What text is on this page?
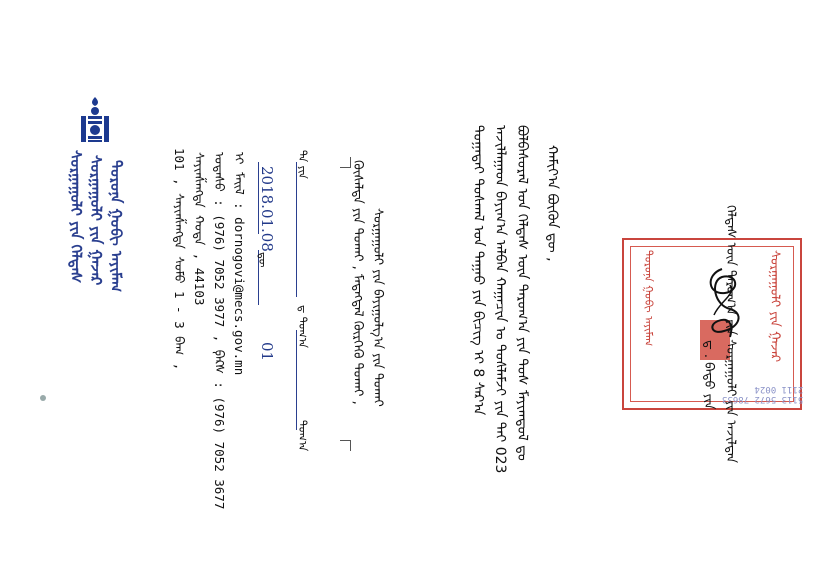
ᠳᠣᠷᠣᠨᠠ ᠭᠣᠪᠢ ᠠᠶᠢᠮᠠᠭ
ᠰᠤᠷᠭᠠᠭᠤᠯᠢ ᠶᠢᠨ ᠭᠠᠵᠠᠷ
ᠰᠤᠷᠭᠠᠭᠤᠯᠢ ᠶᠢᠨ ᠬᠡᠯᠲᠡᠰ	101 , ᠰᠠᠶᠢᠨᠱᠠᠩᠳᠠ ᠰᠤᠮᠤ 1 - 3 ᠪᠠᠭ , ᠰᠠᠶᠢᠨᠱᠠᠩᠳᠠ ᠬᠣᠲᠠ , 44103 ᠤᠲᠠᠰᠤ : (976) 7052 3977 , ᠹᠠᠺᠰ : (976) 7052 3677 ᠢ ᠮᠡᠢᠯ : dornogovi@mecs.gov.mn 2018.01.08
01
ᠳᠦ
ᠳ ᠲᠣᠭ᠎ᠠ
ᠲᠠ ᠶᠢᠨ
ᠲᠣᠭ᠎ᠠ
ᠰᠤᠷᠭᠠᠭᠤᠯᠢ ᠶᠢᠨ ᠪᠠᠶᠢᠭᠤᠯᠭ᠎ᠠ ᠶᠢᠨ ᠲᠤᠬᠠᠢ
ᠬᠦᠰᠡᠯᠲᠡ ᠶᠢᠨ ᠲᠤᠬᠠᠢ , ᠮᠡᠳᠡᠭᠳᠡᠯ ᠬᠦᠷᠭᠡᠬᠦ ᠲᠤᠬᠠᠢ ,	ᠬᠠᠮᠢᠶ᠎ᠠ ᠪᠦᠬᠦᠨ ᠳᠦ ,
ᠪᠣᠯᠪᠠᠰᠤᠷᠠᠯ ᠤᠨ ᠬᠡᠯᠲᠡᠰ ᠦᠨ ᠳᠠᠷᠤᠭ᠎ᠠ ᠶᠢᠨ ᠲᠤᠰ ᠮᠠᠶᠢᠭᠳᠤᠯ ᠳᠤ
ᠠᠵᠢᠯᠯᠠᠭᠠᠳ ᠪᠠᠶᠢᠭ᠎ᠠ ᠠᠯᠪᠠᠨ ᠬᠠᠭᠠᠴᠢᠨ ᠤ ᠲᠤᠰᠯᠠᠮᠵᠢ ᠶᠢᠨ ᠲᠠᠢ 023
ᠲᠣᠭᠠᠲᠠᠢ ᠲᠤᠰᠬᠠᠯ ᠤᠨ ᠳᠠᠭᠠᠤ ᠶᠢᠨ ᠪᠢᠴᠢᠭ ᠢ 8 ᠰᠠᠷ᠎ᠠ	ᠰᠤᠷᠭᠠᠭᠤᠯᠢ ᠶᠢᠨ ᠭᠠᠵᠠᠷ
ᠳᠣᠷᠣᠨᠠ ᠭᠣᠪᠢ ᠠᠶᠢᠮᠠᠭ
2111 0024
5113 5672 78633
ᠬᠡᠯᠲᠡᠰ ᠦᠨ ᠳᠠᠷᠤᠭ᠎ᠠ ᠶᠢᠨ ᠰᠤᠷᠭᠠᠭᠤᠯᠢ ᠶᠢᠨ ᠠᠵᠢᠯᠲᠠᠨ
ᠳ . ᠪᠠᠲᠤ ᠶᠢᠨ
